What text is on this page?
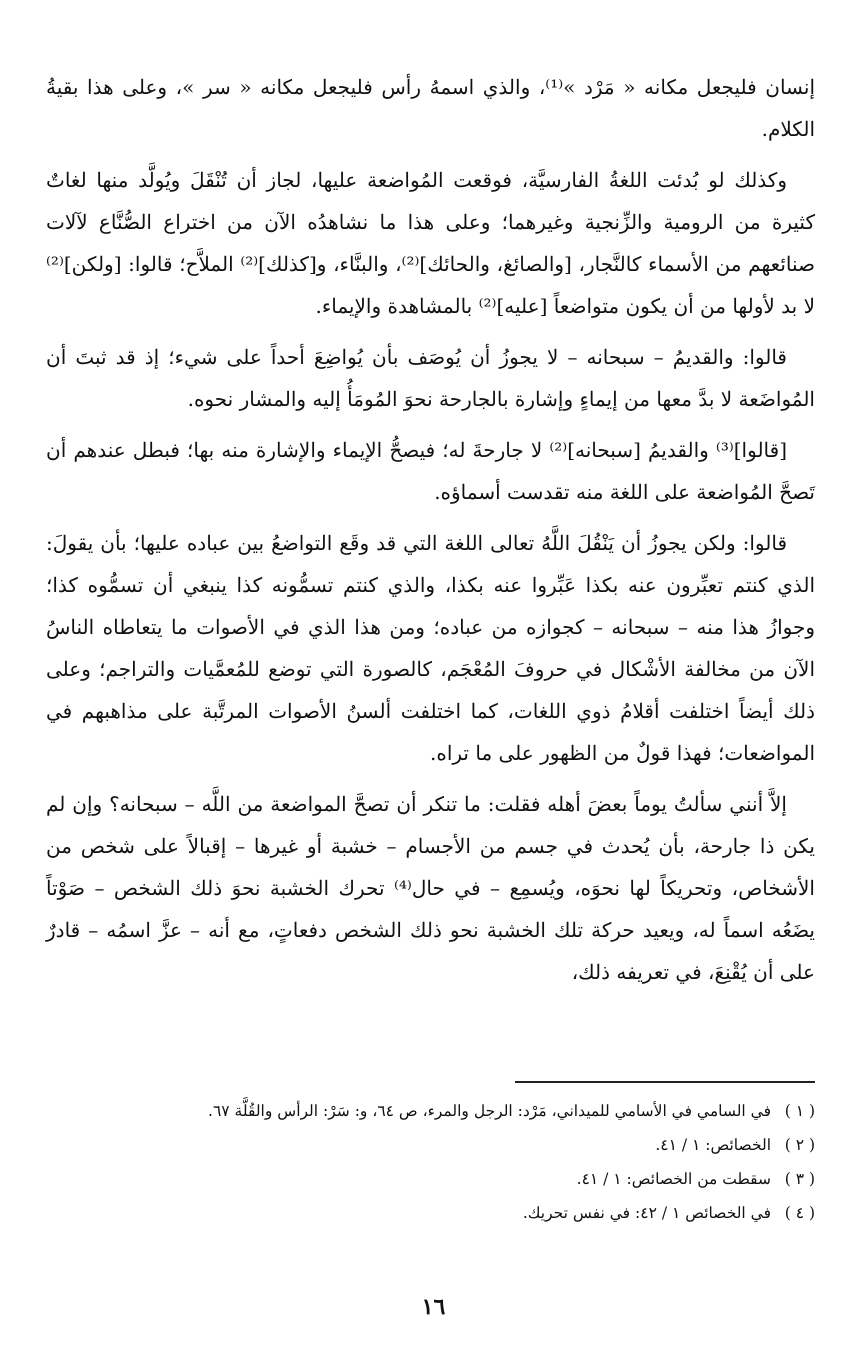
إنسان فليجعل مكانه « مَرْد »⁽¹⁾، والذي اسمهُ رأس فليجعل مكانه « سر »، وعلى هذا بقيةُ الكلام.

وكذلك لو بُدئت اللغةُ الفارسيَّة، فوقعت المُواضعة عليها، لجاز أن تُنْقَلَ ويُولَّد منها لغاتٌ كثيرة من الرومية والزِّنجية وغيرهما؛ وعلى هذا ما نشاهدُه الآن من اختراع الصُّنَّاع لآلات صنائعهم من الأسماء كالنَّجار، [والصائغ، والحائك]⁽²⁾، والبنَّاء، و[كذلك]⁽²⁾ الملاَّح؛ قالوا: [ولكن]⁽²⁾ لا بد لأولها من أن يكون متواضعاً [عليه]⁽²⁾ بالمشاهدة والإيماء.

قالوا: والقديمُ – سبحانه – لا يجوزُ أن يُوصَف بأن يُواضِعَ أحداً على شيء؛ إذ قد ثبتَ أن المُواضَعة لا بدَّ معها من إيماءٍ وإشارة بالجارحة نحوَ المُومَأُ إليه والمشار نحوه.

[قالوا]⁽³⁾ والقديمُ [سبحانه]⁽²⁾ لا جارحةَ له؛ فيصحُّ الإيماء والإشارة منه بها؛ فبطل عندهم أن تَصحَّ المُواضعة على اللغة منه تقدست أسماؤه.

قالوا: ولكن يجوزُ أن يَنْقُلَ اللَّهُ تعالى اللغة التي قد وقَع التواضعُ بين عباده عليها؛ بأن يقولَ: الذي كنتم تعبِّرون عنه بكذا عَبِّروا عنه بكذا، والذي كنتم تسمُّونه كذا ينبغي أن تسمُّوه كذا؛ وجوازُ هذا منه – سبحانه – كجوازه من عباده؛ ومن هذا الذي في الأصوات ما يتعاطاه الناسُ الآن من مخالفة الأشْكال في حروفَ المُعْجَم، كالصورة التي توضع للمُعمَّيات والتراجم؛ وعلى ذلك أيضاً اختلفت أقلامُ ذوي اللغات، كما اختلفت ألسنُ الأصوات المرتَّبة على مذاهبهم في المواضعات؛ فهذا قولٌ من الظهور على ما تراه.

إلاَّ أنني سألتُ يوماً بعضَ أهله فقلت: ما تنكر أن تصحَّ المواضعة من اللَّه – سبحانه؟ وإن لم يكن ذا جارحة، بأن يُحدث في جسم من الأجسام – خشبة أو غيرها – إقبالاً على شخص من الأشخاص، وتحريكاً لها نحوَه، ويُسمِع – في حال⁽⁴⁾ تحرك الخشبة نحوَ ذلك الشخص – صَوْتاً يضَعُه اسماً له، ويعيد حركة تلك الخشبة نحو ذلك الشخص دفعاتٍ، مع أنه – عزَّ اسمُه – قادرٌ على أن يُقْنِعَ، في تعريفه ذلك،

( ١ )في السامي في الأسامي للميداني، مَرْد: الرجل والمرء، ص ٦٤، و: سَرْ: الرأس والقُلَّة ٦٧.

( ٢ )الخصائص: ١ / ٤١.

( ٣ )سقطت من الخصائص: ١ / ٤١.

( ٤ )في الخصائص ١ / ٤٢: في نفس تحريك.

١٦
